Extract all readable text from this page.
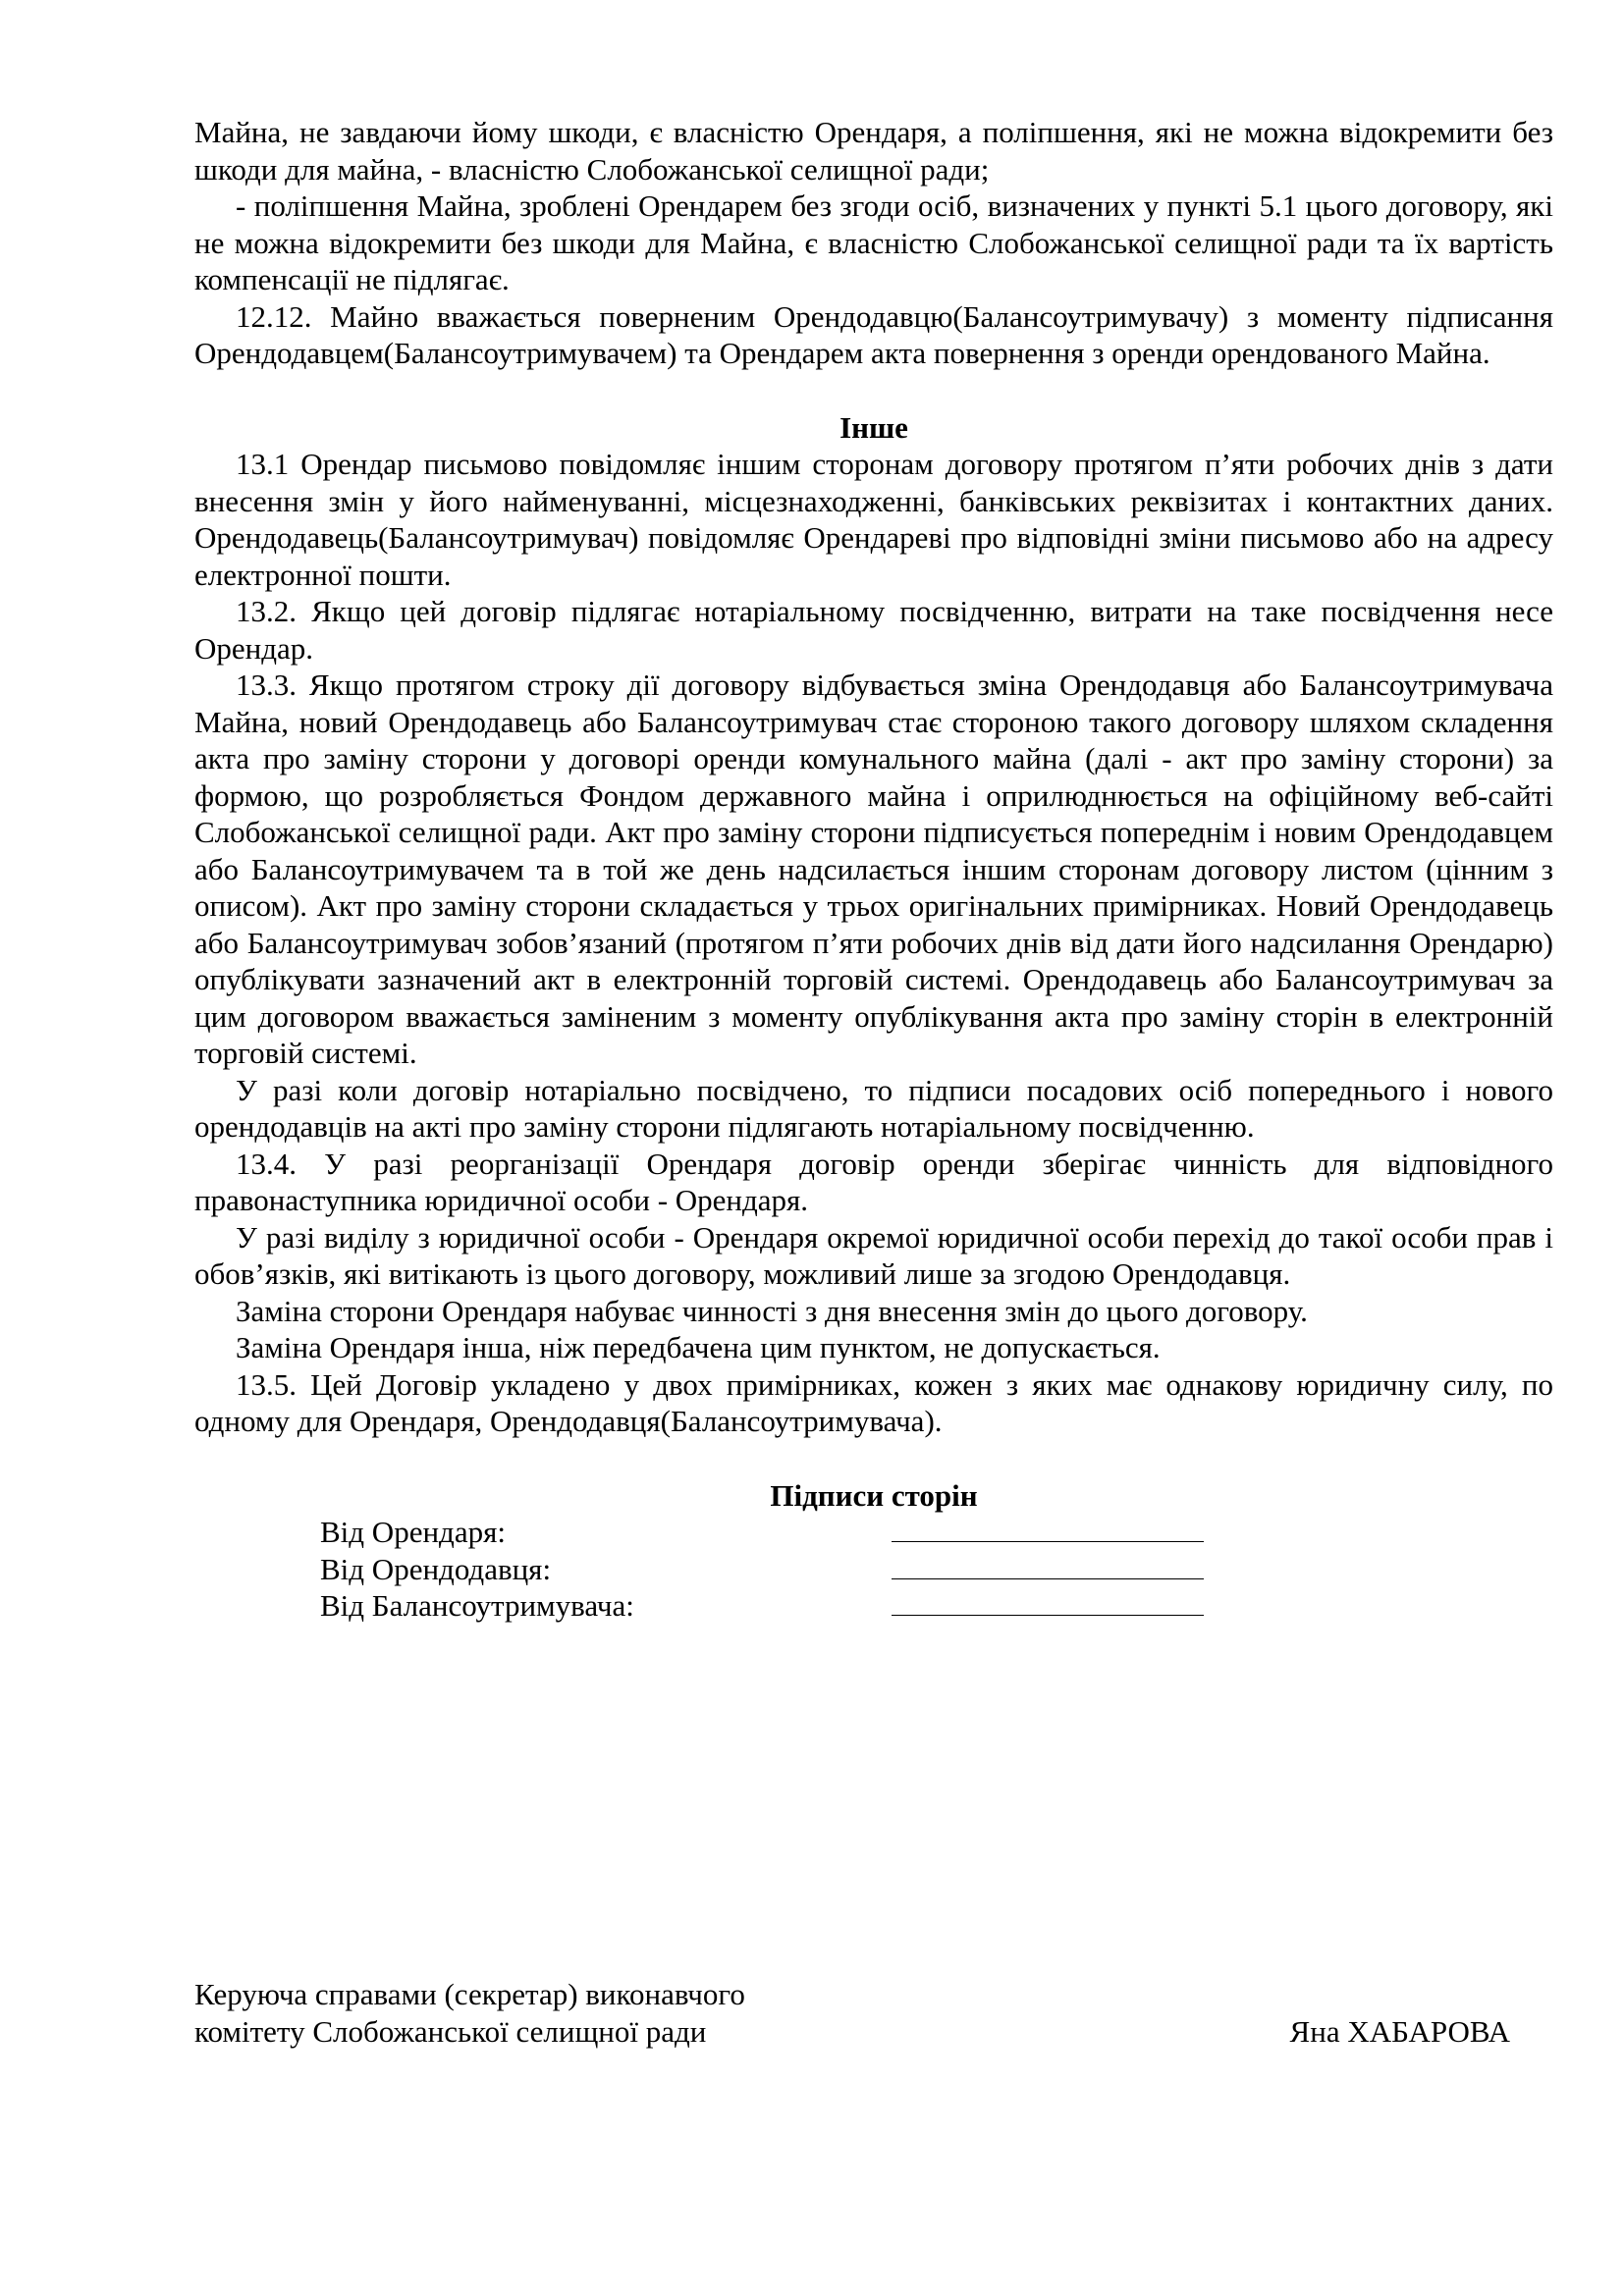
Майна, не завдаючи йому шкоди, є власністю Орендаря, а поліпшення, які не можна відокремити без шкоди для майна, - власністю Слобожанської селищної ради;

- поліпшення Майна, зроблені Орендарем без згоди осіб, визначених у пункті 5.1 цього договору, які не можна відокремити без шкоди для Майна, є власністю Слобожанської селищної ради та їх вартість компенсації не підлягає.

12.12. Майно вважається повернeним Орендодавцю(Балансоутримувачу) з моменту підписання Орендодавцем(Балансоутримувачем) та Орендарем акта повернення з оренди орендованого Майна.

Інше

13.1 Орендар письмово повідомляє іншим сторонам договору протягом п’яти робочих днів з дати внесення змін у його найменуванні, місцезнаходженні, банківських реквізитах і контактних даних. Орендодавець(Балансоутримувач) повідомляє Орендареві про відповідні зміни письмово або на адресу електронної пошти.

13.2. Якщо цей договір підлягає нотаріальному посвідченню, витрати на таке посвідчення несе Орендар.

13.3. Якщо протягом строку дії договору відбувається зміна Орендодавця або Балансоутримувача Майна, новий Орендодавець або Балансоутримувач стає стороною такого договору шляхом складення акта про заміну сторони у договорі оренди комунального майна (далі - акт про заміну сторони) за формою, що розробляється Фондом державного майна і оприлюднюється на офіційному веб-сайті Слобожанської селищної ради. Акт про заміну сторони підписується попереднім і новим Орендодавцем або Балансоутримувачем та в той же день надсилається іншим сторонам договору листом (цінним з описом). Акт про заміну сторони складається у трьох оригінальних примірниках. Новий Орендодавець або Балансоутримувач зобов’язаний (протягом п’яти робочих днів від дати його надсилання Орендарю) опублікувати зазначений акт в електронній торговій системі. Орендодавець або Балансоутримувач за цим договором вважається заміненим з моменту опублікування акта про заміну сторін в електронній торговій системі.

У разі коли договір нотаріально посвідчено, то підписи посадових осіб попереднього і нового орендодавців на акті про заміну сторони підлягають нотаріальному посвідченню.

13.4. У разі реорганізації Орендаря договір оренди зберігає чинність для відповідного правонаступника юридичної особи - Орендаря.

У разі виділу з юридичної особи - Орендаря окремої юридичної особи перехід до такої особи прав і обов’язків, які витікають із цього договору, можливий лише за згодою Орендодавця.

Заміна сторони Орендаря набуває чинності з дня внесення змін до цього договору.

Заміна Орендаря інша, ніж передбачена цим пунктом, не допускається.

13.5. Цей Договір укладено у двох примірниках, кожен з яких має однакову юридичну силу, по одному для Орендаря, Орендодавця(Балансоутримувача).

Підписи сторін

Від Орендаря:
Від Орендодавця:
Від Балансоутримувача:

Керуюча справами (секретар) виконавчого

комітету Слобожанської селищної ради	Яна ХАБАРОВА
